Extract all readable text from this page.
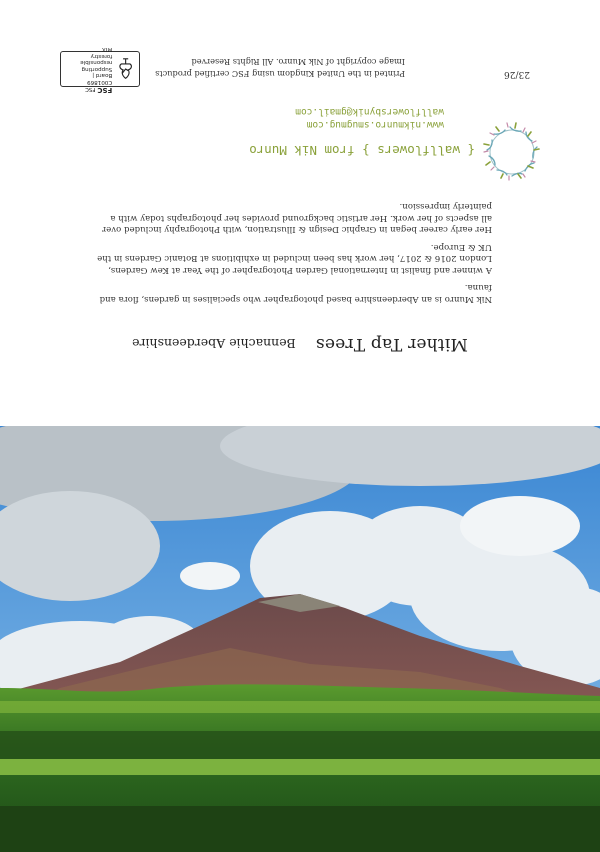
Mither Tap Trees Bennachie Aberdeenshire

Nik Munro is an Aberdeenshire based photographer who specialises in gardens, flora and fauna.

A winner and finalist in International Garden Photographer of the Year at Kew Gardens, London 2016 & 2017, her work has been included in exhibitions at Botanic Gardens in the UK & Europe.

Her early career began in Graphic Design & Illustration, with Photography included over all aspects of her work. Her artistic background provides her photographs today with a painterly impression.

{ wallflowers } from Nik Munro
www.nikmunro.smugmug.com
wallflowersbynik@gmail.com
23/26
Printed in the United Kingdom using FSC certified products
Image copyright of Nik Munro. All Rights Reserved
FSC FSC C001869
Board | Supporting
responsible forestry
MIX
